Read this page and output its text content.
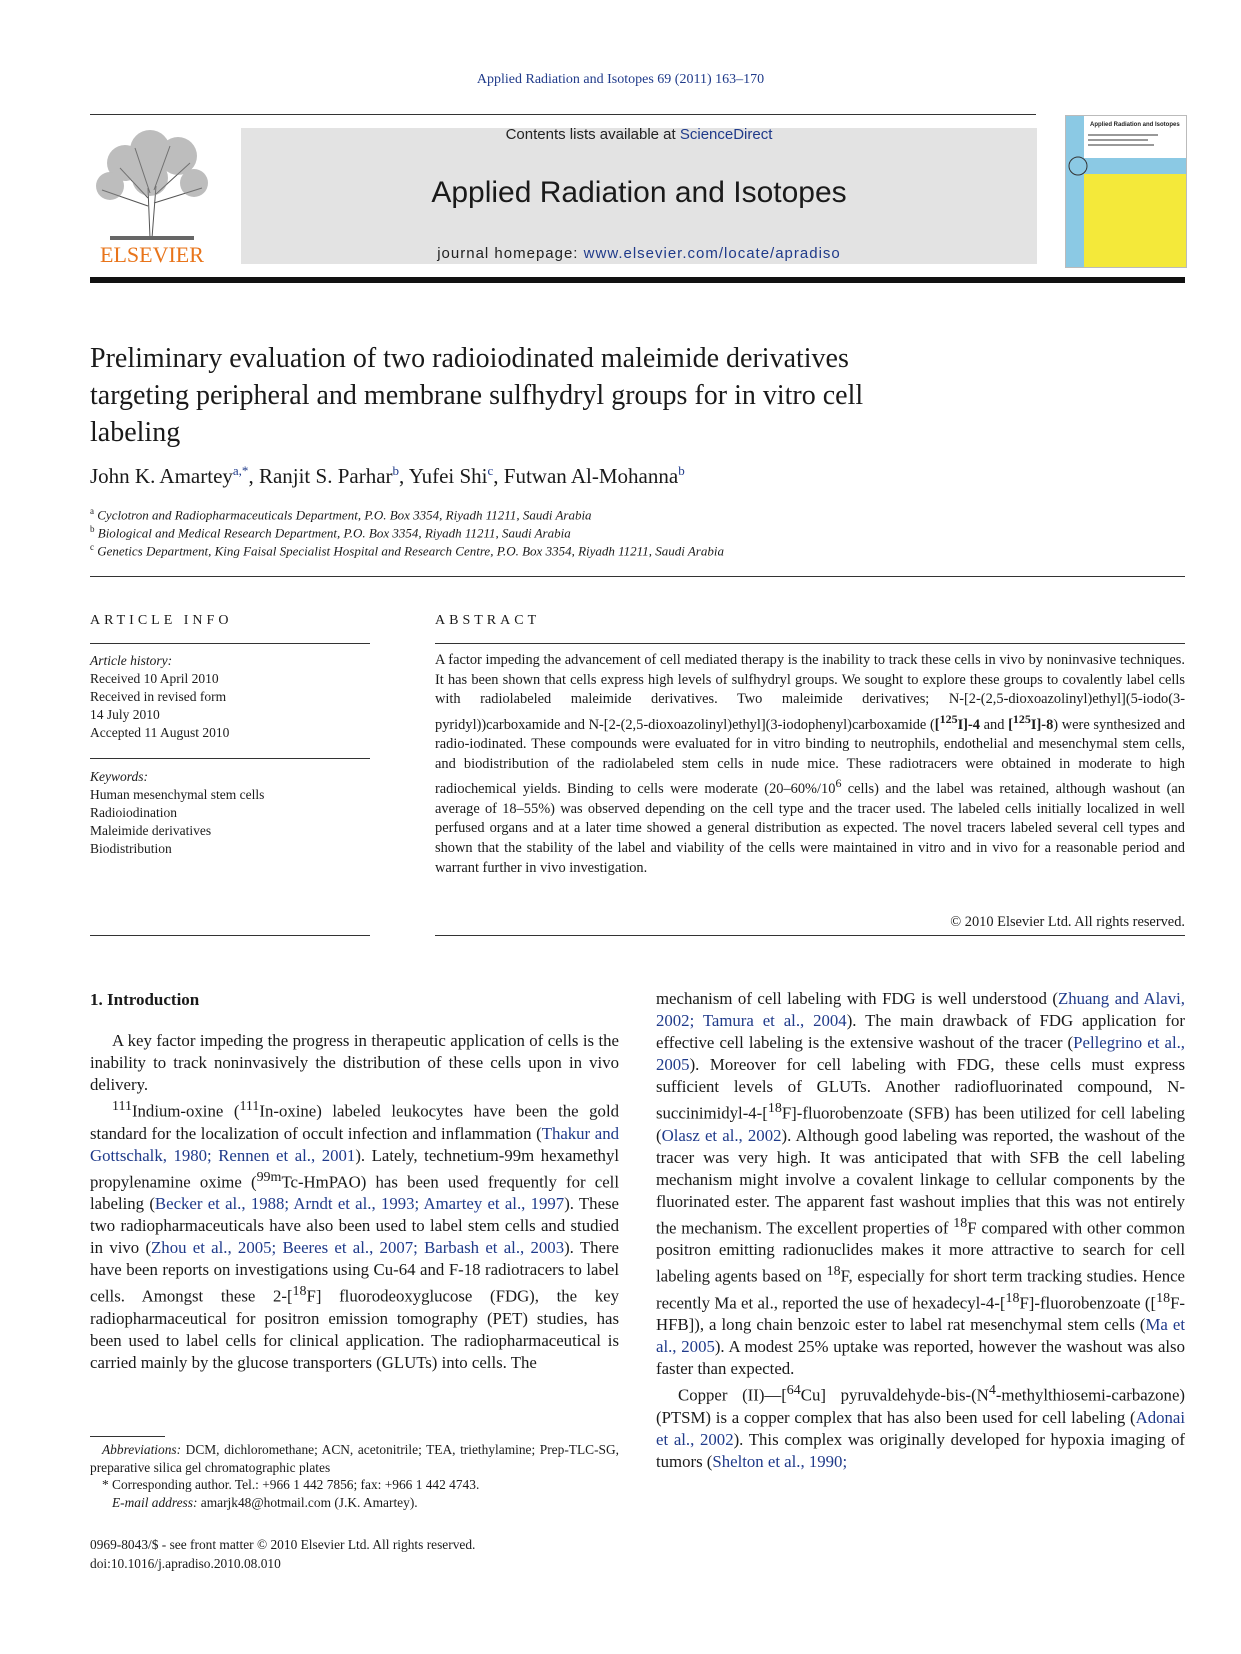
Applied Radiation and Isotopes 69 (2011) 163–170
ELSEVIER
Contents lists available at ScienceDirect
Applied Radiation and Isotopes
journal homepage: www.elsevier.com/locate/apradiso
Applied Radiation and Isotopes
Preliminary evaluation of two radioiodinated maleimide derivatives targeting peripheral and membrane sulfhydryl groups for in vitro cell labeling
John K. Amartey$^{a,*}$, Ranjit S. Parhar$^b$, Yufei Shi$^c$, Futwan Al-Mohanna$^b$
$^a$ Cyclotron and Radiopharmaceuticals Department, P.O. Box 3354, Riyadh 11211, Saudi Arabia
$^b$ Biological and Medical Research Department, P.O. Box 3354, Riyadh 11211, Saudi Arabia
$^c$ Genetics Department, King Faisal Specialist Hospital and Research Centre, P.O. Box 3354, Riyadh 11211, Saudi Arabia
ARTICLE INFO
Article history:
Received 10 April 2010
Received in revised form
14 July 2010
Accepted 11 August 2010
Keywords:
Human mesenchymal stem cells
Radioiodination
Maleimide derivatives
Biodistribution
ABSTRACT
A factor impeding the advancement of cell mediated therapy is the inability to track these cells in vivo by noninvasive techniques. It has been shown that cells express high levels of sulfhydryl groups. We sought to explore these groups to covalently label cells with radiolabeled maleimide derivatives. Two maleimide derivatives; N-[2-(2,5-dioxoazolinyl)ethyl](5-iodo(3-pyridyl))carboxamide and N-[2-(2,5-dioxoazolinyl)ethyl](3-iodophenyl)carboxamide ([$^{125}$I]-4 and [$^{125}$I]-8) were synthesized and radio-iodinated. These compounds were evaluated for in vitro binding to neutrophils, endothelial and mesenchymal stem cells, and biodistribution of the radiolabeled stem cells in nude mice. These radiotracers were obtained in moderate to high radiochemical yields. Binding to cells were moderate ($20-60\%/10^6$ cells) and the label was retained, although washout (an average of 18–55%) was observed depending on the cell type and the tracer used. The labeled cells initially localized in well perfused organs and at a later time showed a general distribution as expected. The novel tracers labeled several cell types and shown that the stability of the label and viability of the cells were maintained in vitro and in vivo for a reasonable period and warrant further in vivo investigation.
© 2010 Elsevier Ltd. All rights reserved.
1. Introduction

A key factor impeding the progress in therapeutic application of cells is the inability to track noninvasively the distribution of these cells upon in vivo delivery.

$^{111}$Indium-oxine ($^{111}$In-oxine) labeled leukocytes have been the gold standard for the localization of occult infection and inflammation (Thakur and Gottschalk, 1980; Rennen et al., 2001). Lately, technetium-99m hexamethyl propylenamine oxime ($^{99m}$Tc-HmPAO) has been used frequently for cell labeling (Becker et al., 1988; Arndt et al., 1993; Amartey et al., 1997). These two radiopharmaceuticals have also been used to label stem cells and studied in vivo (Zhou et al., 2005; Beeres et al., 2007; Barbash et al., 2003). There have been reports on investigations using Cu-64 and F-18 radiotracers to label cells. Amongst these 2-[$^{18}$F] fluorodeoxyglucose (FDG), the key radiopharmaceutical for positron emission tomography (PET) studies, has been used to label cells for clinical application. The radiopharmaceutical is carried mainly by the glucose transporters (GLUTs) into cells. The

mechanism of cell labeling with FDG is well understood (Zhuang and Alavi, 2002; Tamura et al., 2004). The main drawback of FDG application for effective cell labeling is the extensive washout of the tracer (Pellegrino et al., 2005). Moreover for cell labeling with FDG, these cells must express sufficient levels of GLUTs. Another radiofluorinated compound, N-succinimidyl-4-[$^{18}$F]-fluorobenzoate (SFB) has been utilized for cell labeling (Olasz et al., 2002). Although good labeling was reported, the washout of the tracer was very high. It was anticipated that with SFB the cell labeling mechanism might involve a covalent linkage to cellular components by the fluorinated ester. The apparent fast washout implies that this was not entirely the mechanism. The excellent properties of $^{18}$F compared with other common positron emitting radionuclides makes it more attractive to search for cell labeling agents based on $^{18}$F, especially for short term tracking studies. Hence recently Ma et al., reported the use of hexadecyl-4-[$^{18}$F]-fluorobenzoate ([$^{18}$F-HFB]), a long chain benzoic ester to label rat mesenchymal stem cells (Ma et al., 2005). A modest 25% uptake was reported, however the washout was also faster than expected.

Copper (II)—[$^{64}$Cu] pyruvaldehyde-$bis-(N^4-methylthiosemi-carbazone)$ (PTSM) is a copper complex that has also been used for cell labeling (Adonai et al., 2002). This complex was originally developed for hypoxia imaging of tumors (Shelton et al., 1990;

Abbreviations: DCM, dichloromethane; ACN, acetonitrile; TEA, triethylamine; Prep-TLC-SG, preparative silica gel chromatographic plates
* Corresponding author. Tel.: +966 1 442 7856; fax: +966 1 442 4743.
E-mail address: amarjk48@hotmail.com (J.K. Amartey).
0969-8043/$ - see front matter © 2010 Elsevier Ltd. All rights reserved.
doi:10.1016/j.apradiso.2010.08.010
